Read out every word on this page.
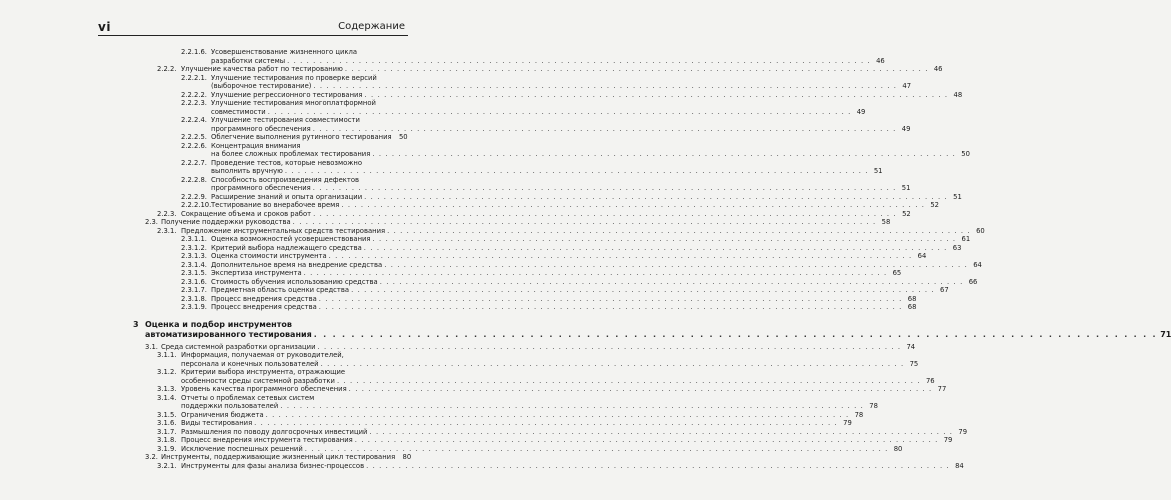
vi	Содержание
2.2.1.6. Усовершенствование жизненного цикла
разработки системы . . .	46
2.2.2. Улучшение качества работ по тестированию . . .	46
2.2.2.1. Улучшение тестирования по проверке версий
(выборочное тестирование) . . .	47
2.2.2.2. Улучшение регрессионного тестирования . . .	48
2.2.2.3. Улучшение тестирования многоплатформной
совместимости . . .	49
2.2.2.4. Улучшение тестирования совместимости
программного обеспечения . . .	49
2.2.2.5. Облегчение выполнения рутинного тестирования	50
2.2.2.6. Концентрация внимания
на более сложных проблемах тестирования . . .	50
2.2.2.7. Проведение тестов, которые невозможно
выполнить вручную . . .	51
2.2.2.8. Способность воспроизведения дефектов
программного обеспечения . . .	51
2.2.2.9. Расширение знаний и опыта организации . . .	51
2.2.2.10. Тестирование во внерабочее время . . .	52
2.2.3. Сокращение объема и сроков работ . . .	52
2.3. Получение поддержки руководства . . .	58
2.3.1. Предложение инструментальных средств тестирования . . .	60
2.3.1.1. Оценка возможностей усовершенствования . . .	61
2.3.1.2. Критерий выбора надлежащего средства . . .	63
2.3.1.3. Оценка стоимости инструмента . . .	64
2.3.1.4. Дополнительное время на внедрение средства . . .	64
2.3.1.5. Экспертиза инструмента . . .	65
2.3.1.6. Стоимость обучения использованию средства . . .	66
2.3.1.7. Предметная область оценки средства . . .	67
2.3.1.8. Процесс внедрения средства . . .	68
2.3.1.9. Процесс внедрения средства . . .	68
3 Оценка и подбор инструментов
автоматизированного тестирования . . .	71
3.1. Среда системной разработки организации . . .	74
3.1.1. Информация, получаемая от руководителей,
персонала и конечных пользователей . . .	75
3.1.2. Критерии выбора инструмента, отражающие
особенности среды системной разработки . . .	76
3.1.3. Уровень качества программного обеспечения . . .	77
3.1.4. Отчеты о проблемах сетевых систем
поддержки пользователей . . .	78
3.1.5. Ограничения бюджета . . .	78
3.1.6. Виды тестирования . . .	79
3.1.7. Размышления по поводу долгосрочных инвестиций . . .	79
3.1.8. Процесс внедрения инструмента тестирования . . .	79
3.1.9. Исключение поспешных решений . . .	80
3.2. Инструменты, поддерживающие жизненный цикл тестирования	80
3.2.1. Инструменты для фазы анализа бизнес-процессов . . .	84
